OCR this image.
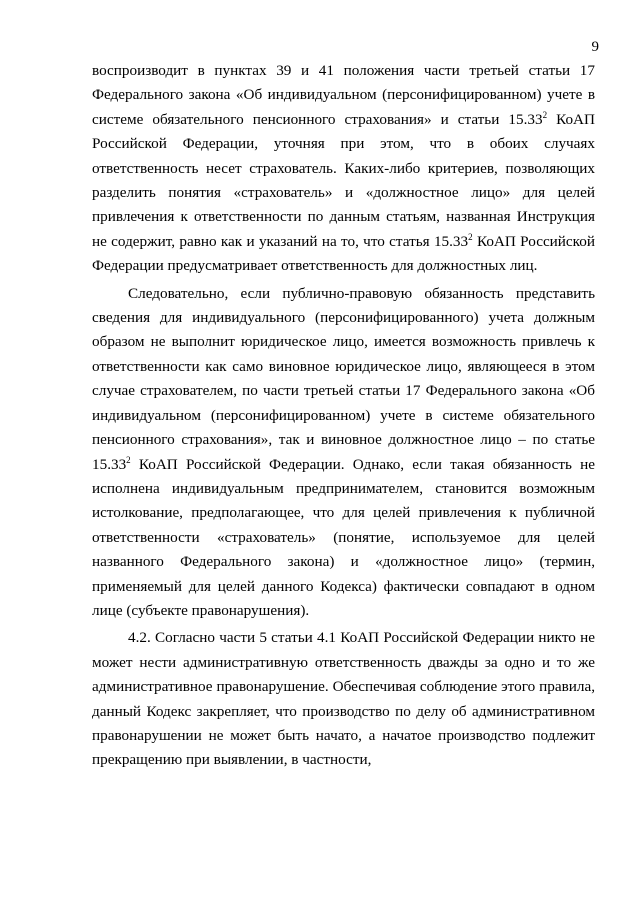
9

воспроизводит в пунктах 39 и 41 положения части третьей статьи 17 Федерального закона «Об индивидуальном (персонифицированном) учете в системе обязательного пенсионного страхования» и статьи 15.33$^2$ КоАП Российской Федерации, уточняя при этом, что в обоих случаях ответственность несет страхователь. Каких-либо критериев, позволяющих разделить понятия «страхователь» и «должностное лицо» для целей привлечения к ответственности по данным статьям, названная Инструкция не содержит, равно как и указаний на то, что статья 15.33$^2$ КоАП Российской Федерации предусматривает ответственность для должностных лиц.

Следовательно, если публично-правовую обязанность представить сведения для индивидуального (персонифицированного) учета должным образом не выполнит юридическое лицо, имеется возможность привлечь к ответственности как само виновное юридическое лицо, являющееся в этом случае страхователем, по части третьей статьи 17 Федерального закона «Об индивидуальном (персонифицированном) учете в системе обязательного пенсионного страхования», так и виновное должностное лицо – по статье 15.33$^2$ КоАП Российской Федерации. Однако, если такая обязанность не исполнена индивидуальным предпринимателем, становится возможным истолкование, предполагающее, что для целей привлечения к публичной ответственности «страхователь» (понятие, используемое для целей названного Федерального закона) и «должностное лицо» (термин, применяемый для целей данного Кодекса) фактически совпадают в одном лице (субъекте правонарушения).

4.2. Согласно части 5 статьи 4.1 КоАП Российской Федерации никто не может нести административную ответственность дважды за одно и то же административное правонарушение. Обеспечивая соблюдение этого правила, данный Кодекс закрепляет, что производство по делу об административном правонарушении не может быть начато, а начатое производство подлежит прекращению при выявлении, в частности,
